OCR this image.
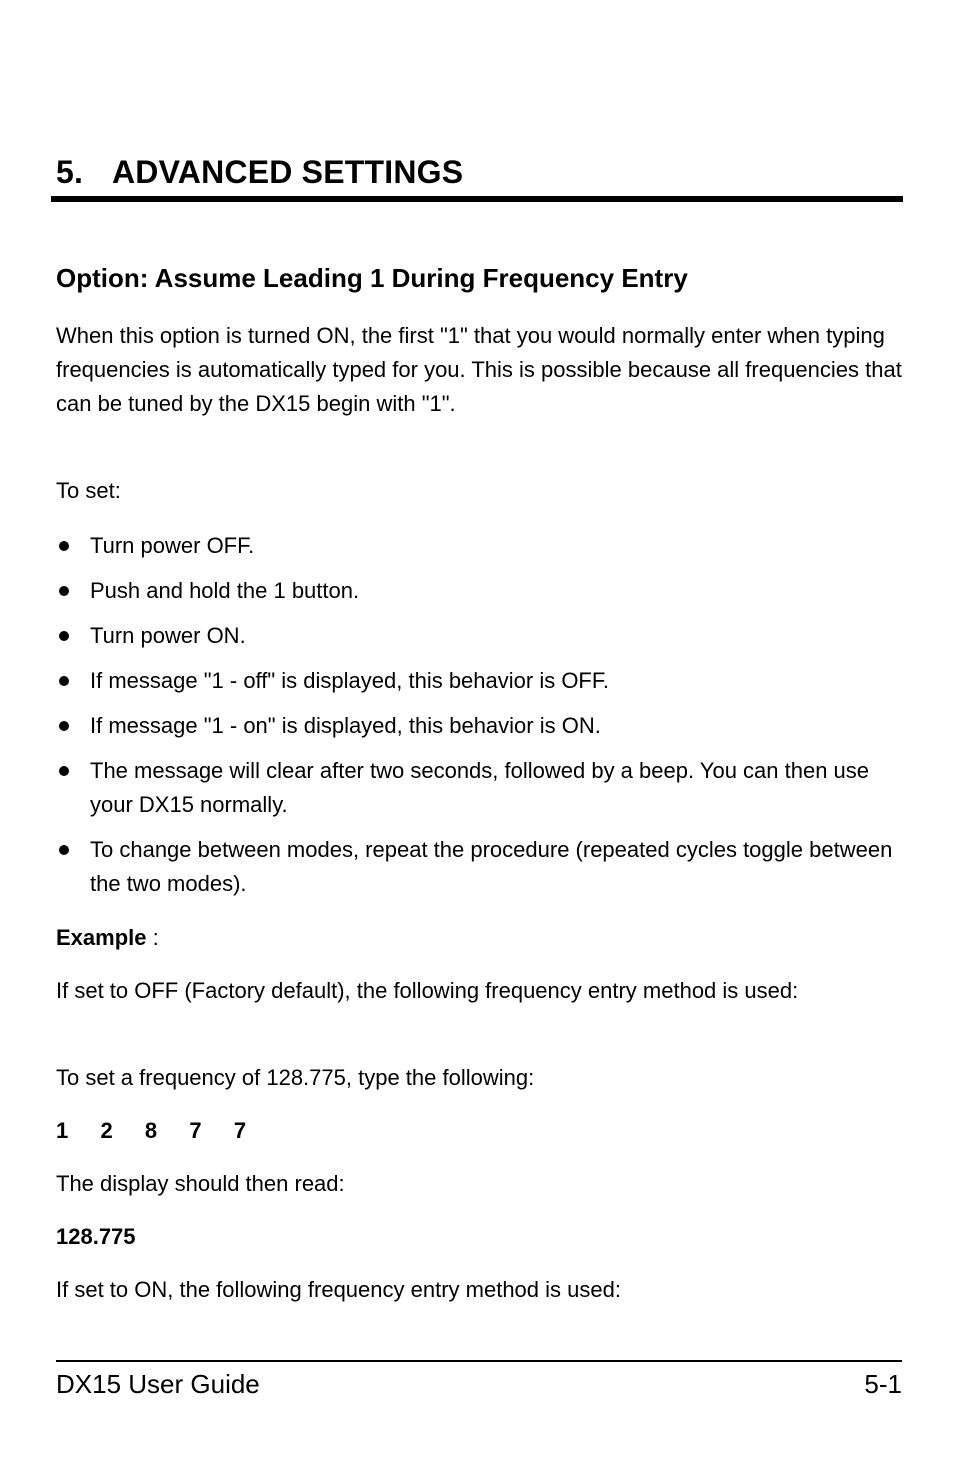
5. ADVANCED SETTINGS
Option: Assume Leading 1 During Frequency Entry

When this option is turned ON, the first "1" that you would normally enter when typing frequencies is automatically typed for you. This is possible because all frequencies that can be tuned by the DX15 begin with "1".

To set:

Turn power OFF.
Push and hold the 1 button.
Turn power ON.
If message "1 - off" is displayed, this behavior is OFF.
If message "1 - on" is displayed, this behavior is ON.
The message will clear after two seconds, followed by a beep. You can then use your DX15 normally.
To change between modes, repeat the procedure (repeated cycles toggle between the two modes).

Example :

If set to OFF (Factory default), the following frequency entry method is used:

To set a frequency of 128.775, type the following:

1  2  8  7  7

The display should then read:

128.775

If set to ON, the following frequency entry method is used:

DX15 User Guide	5-1
